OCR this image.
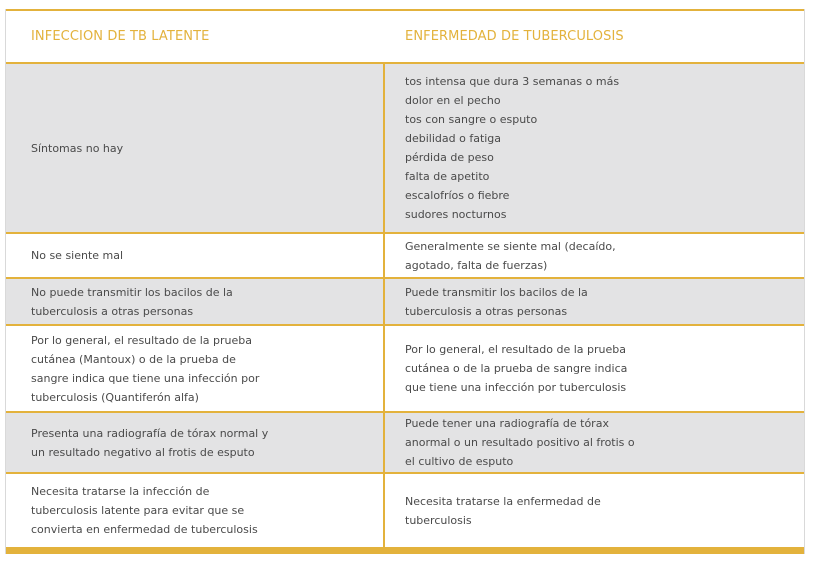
INFECCION DE TB LATENTE	ENFERMEDAD DE TUBERCULOSIS
Síntomas no hay
tos intensa que dura 3 semanas o más
dolor en el pecho
tos con sangre o esputo
debilidad o fatiga
pérdida de peso
falta de apetito
escalofríos o fiebre
sudores nocturnos
No se siente mal
Generalmente se siente mal (decaído,
agotado, falta de fuerzas)
No puede transmitir los bacilos de la
tuberculosis a otras personas
Puede transmitir los bacilos de la
tuberculosis a otras personas
Por lo general, el resultado de la prueba
cutánea (Mantoux) o de la prueba de
sangre indica que tiene una infección por
tuberculosis (Quantiferón alfa)
Por lo general, el resultado de la prueba
cutánea o de la prueba de sangre indica
que tiene una infección por tuberculosis
Presenta una radiografía de tórax normal y
un resultado negativo al frotis de esputo
Puede tener una radiografía de tórax
anormal o un resultado positivo al frotis o
el cultivo de esputo
Necesita tratarse la infección de
tuberculosis latente para evitar que se
convierta en enfermedad de tuberculosis
Necesita tratarse la enfermedad de
tuberculosis
